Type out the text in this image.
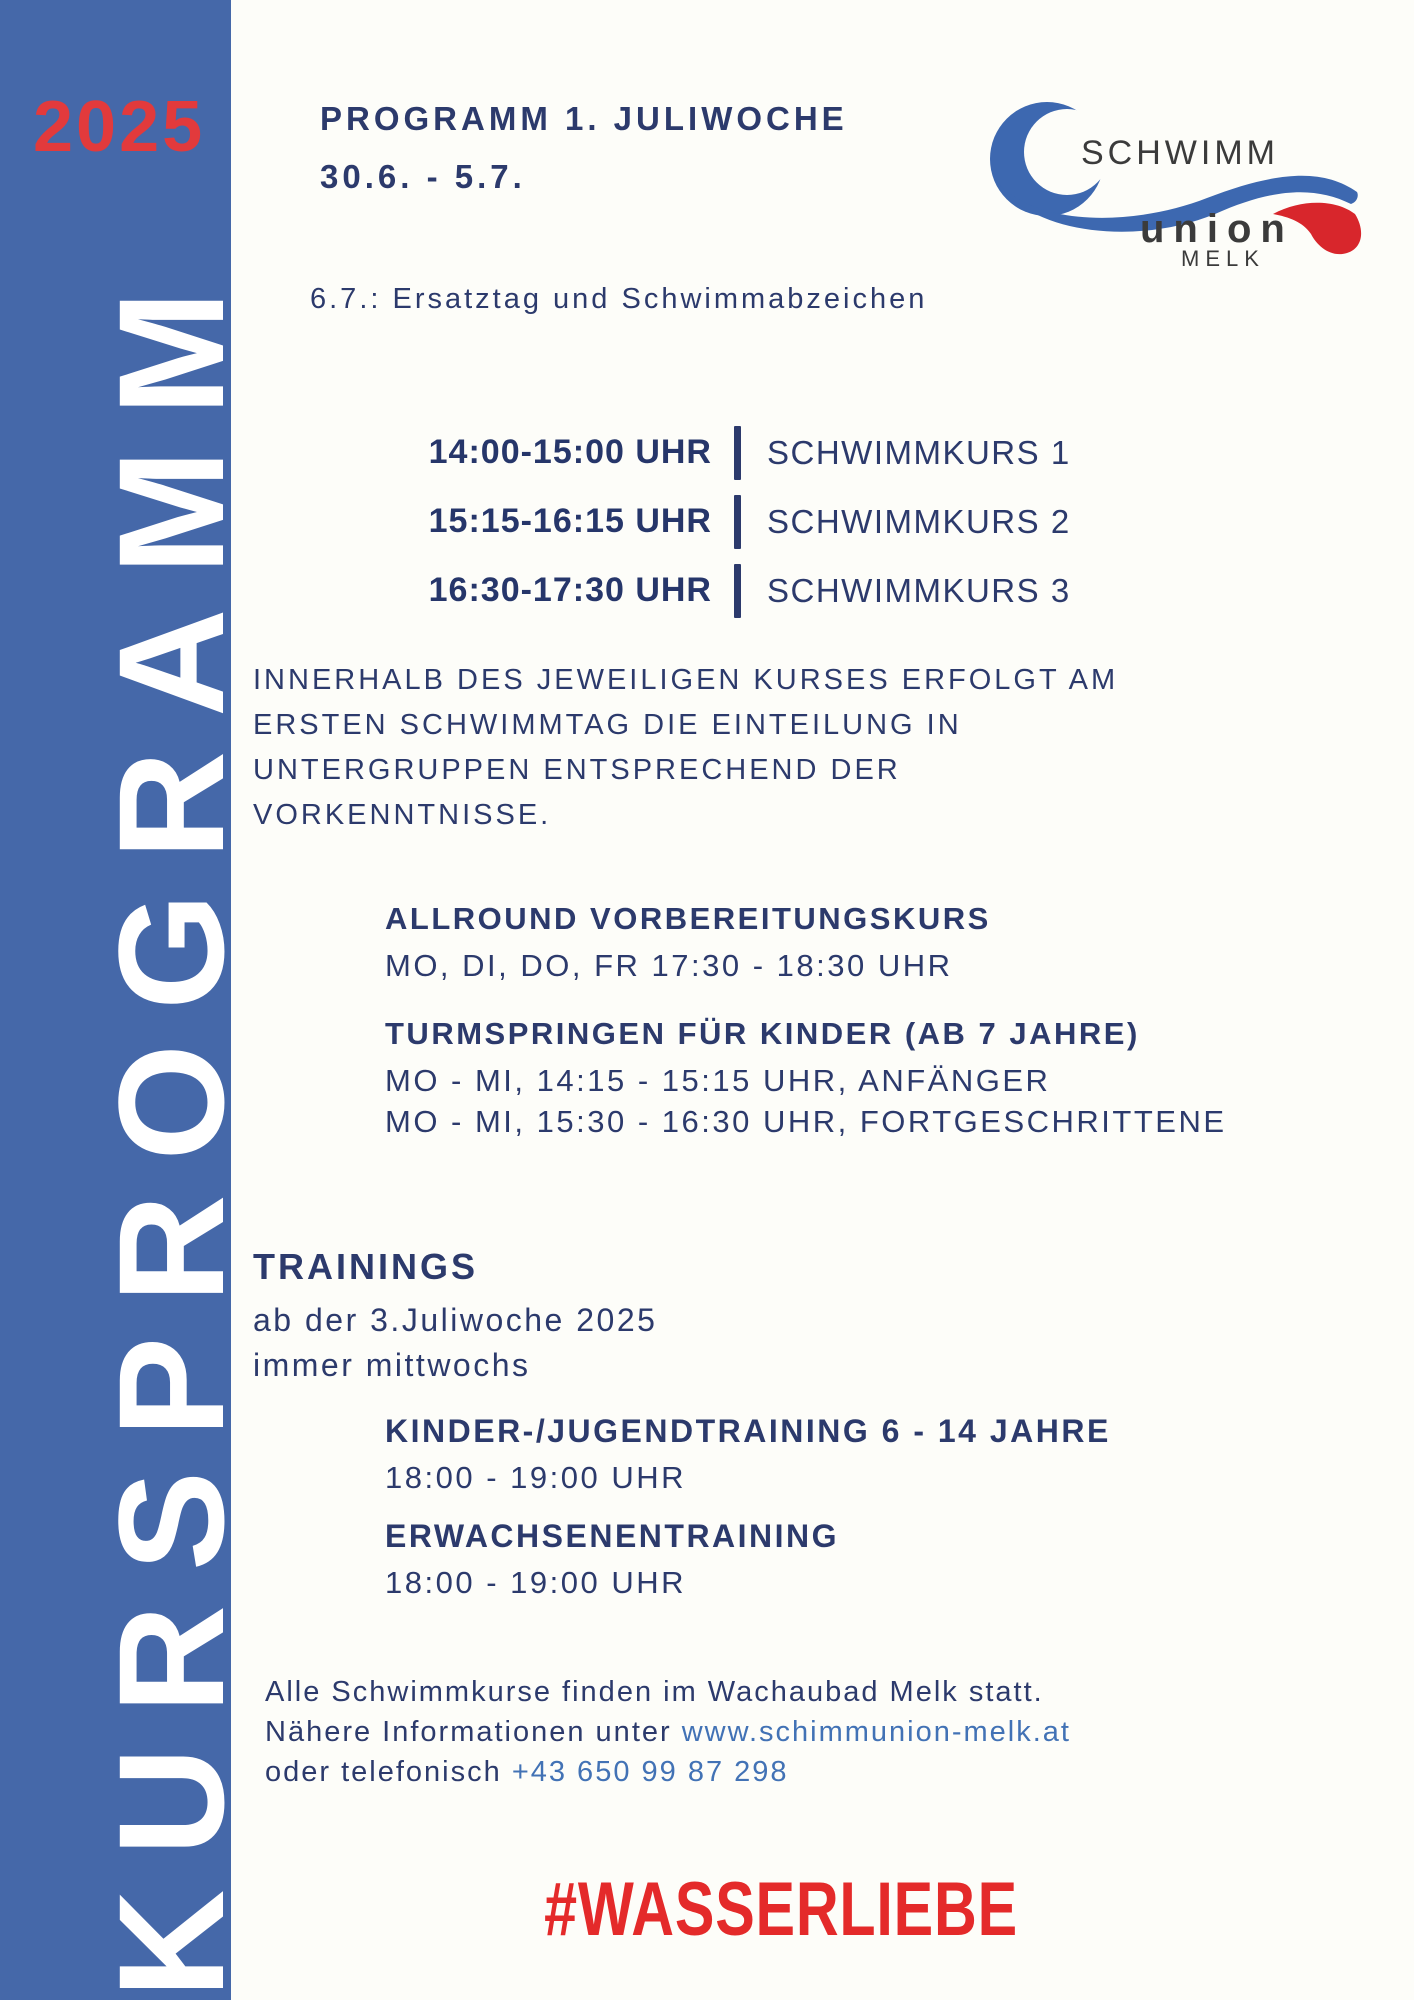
2025
KURSPROGRAMM
PROGRAMM 1. JULIWOCHE
30.6. - 5.7.
6.7.: Ersatztag und Schwimmabzeichen
SCHWIMM
union
MELK
14:00-15:00 UHR SCHWIMMKURS 1
15:15-16:15 UHR SCHWIMMKURS 2
16:30-17:30 UHR SCHWIMMKURS 3
INNERHALB DES JEWEILIGEN KURSES ERFOLGT AM
ERSTEN SCHWIMMTAG DIE EINTEILUNG IN
UNTERGRUPPEN ENTSPRECHEND DER
VORKENNTNISSE.
ALLROUND VORBEREITUNGSKURS
MO, DI, DO, FR 17:30 - 18:30 UHR
TURMSPRINGEN FÜR KINDER (AB 7 JAHRE)
MO - MI, 14:15 - 15:15 UHR, ANFÄNGER
MO - MI, 15:30 - 16:30 UHR, FORTGESCHRITTENE
TRAININGS
ab der 3.Juliwoche 2025
immer mittwochs
KINDER-/JUGENDTRAINING 6 - 14 JAHRE
18:00 - 19:00 UHR
ERWACHSENENTRAINING
18:00 - 19:00 UHR
Alle Schwimmkurse finden im Wachaubad Melk statt.
Nähere Informationen unter www.schimmunion-melk.at
oder telefonisch +43 650 99 87 298
#WASSERLIEBE
